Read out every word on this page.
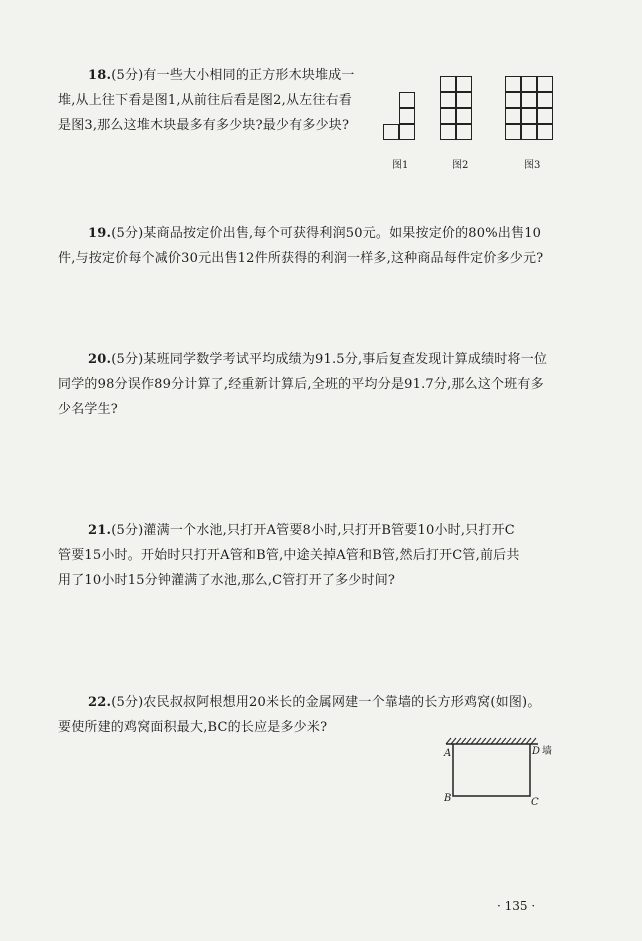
18.(5分)有一些大小相同的正方形木块堆成一

堆,从上往下看是图1,从前往后看是图2,从左往右看

是图3,那么这堆木块最多有多少块?最少有多少块?

图1	图2	图3

19.(5分)某商品按定价出售,每个可获得利润50元。如果按定价的80%出售10

件,与按定价每个减价30元出售12件所获得的利润一样多,这种商品每件定价多少元?

20.(5分)某班同学数学考试平均成绩为91.5分,事后复查发现计算成绩时将一位

同学的98分误作89分计算了,经重新计算后,全班的平均分是91.7分,那么这个班有多

少名学生?

21.(5分)灌满一个水池,只打开A管要8小时,只打开B管要10小时,只打开C

管要15小时。开始时只打开A管和B管,中途关掉A管和B管,然后打开C管,前后共

用了10小时15分钟灌满了水池,那么,C管打开了多少时间?

22.(5分)农民叔叔阿根想用20米长的金属网建一个靠墙的长方形鸡窝(如图)。

要使所建的鸡窝面积最大,BC的长应是多少米?

A	D 墙
B	C
· 135 ·
